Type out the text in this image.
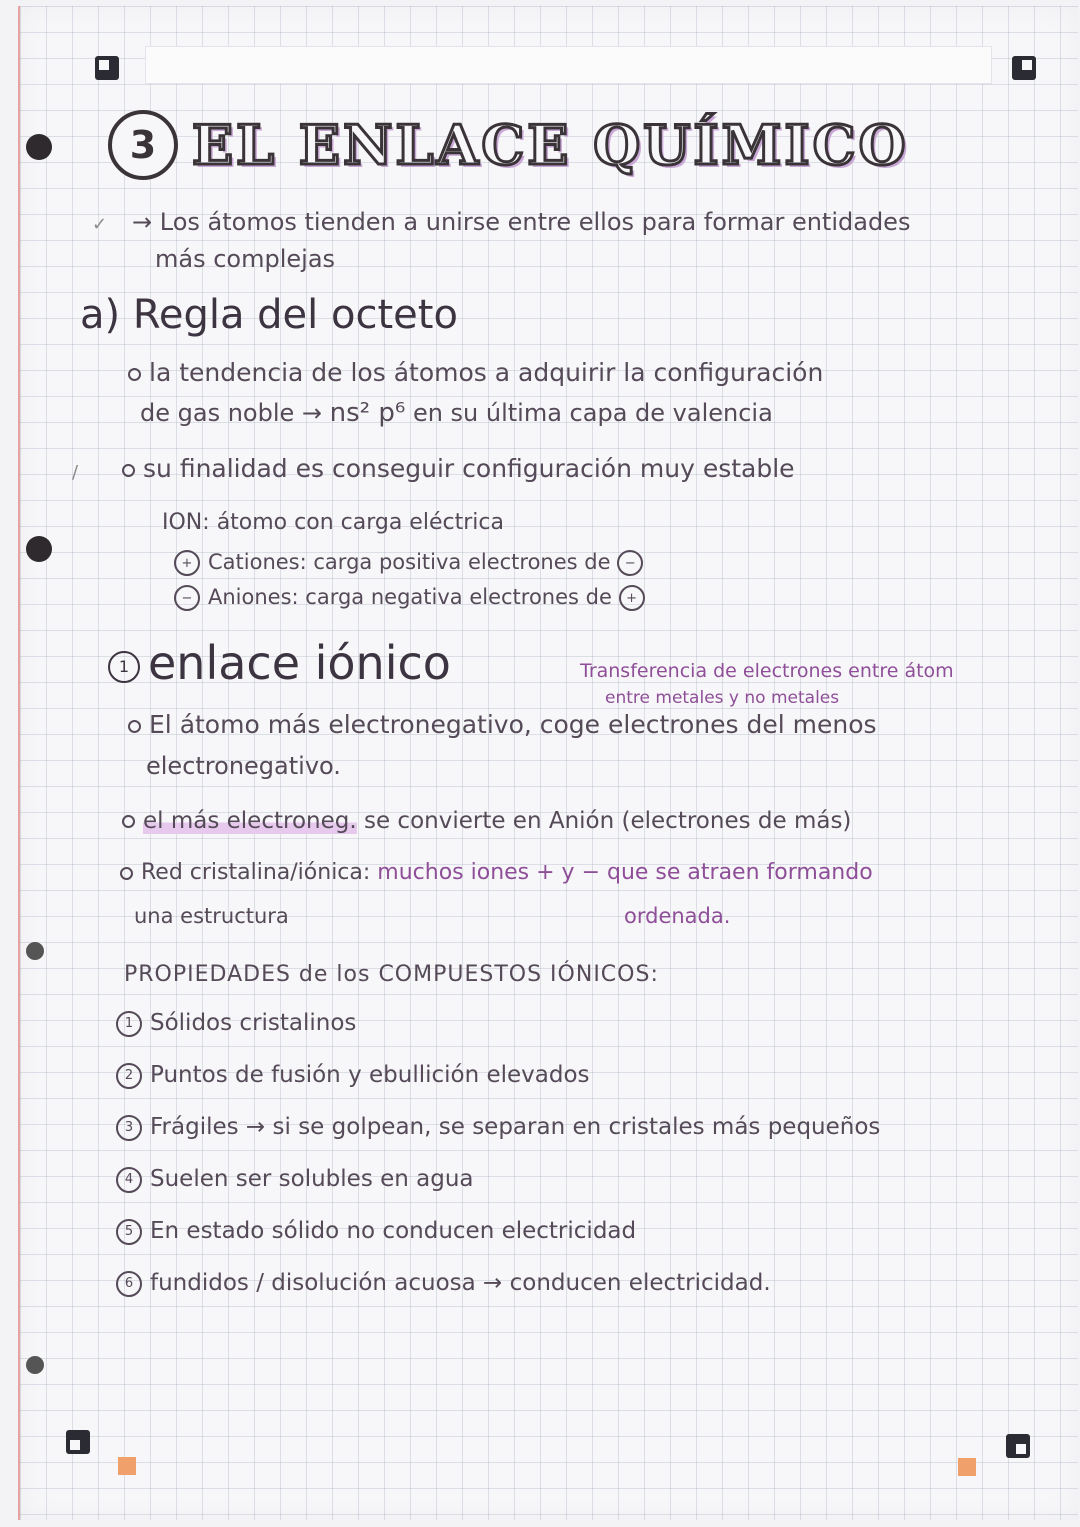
3 EL ENLACE QUÍMICO
✓ → Los átomos tienden a unirse entre ellos para formar entidades
más complejas
a) Regla del octeto
la tendencia de los átomos a adquirir la configuración
de gas noble → ns² p⁶ en su última capa de valencia
/	su finalidad es conseguir configuración muy estable
ION: átomo con carga eléctrica
+ Cationes: carga positiva electrones de −
− Aniones: carga negativa electrones de +
1 enlace iónico	Transferencia de electrones entre átom
entre metales y no metales
El átomo más electronegativo, coge electrones del menos
electronegativo.
el más electroneg. se convierte en Anión (electrones de más)
Red cristalina/iónica: muchos iones + y − que se atraen formando
una estructura	ordenada.
PROPIEDADES de los COMPUESTOS IÓNICOS:
1 Sólidos cristalinos
2 Puntos de fusión y ebullición elevados
3 Frágiles → si se golpean, se separan en cristales más pequeños
4 Suelen ser solubles en agua
5 En estado sólido no conducen electricidad
6 fundidos / disolución acuosa → conducen electricidad.
